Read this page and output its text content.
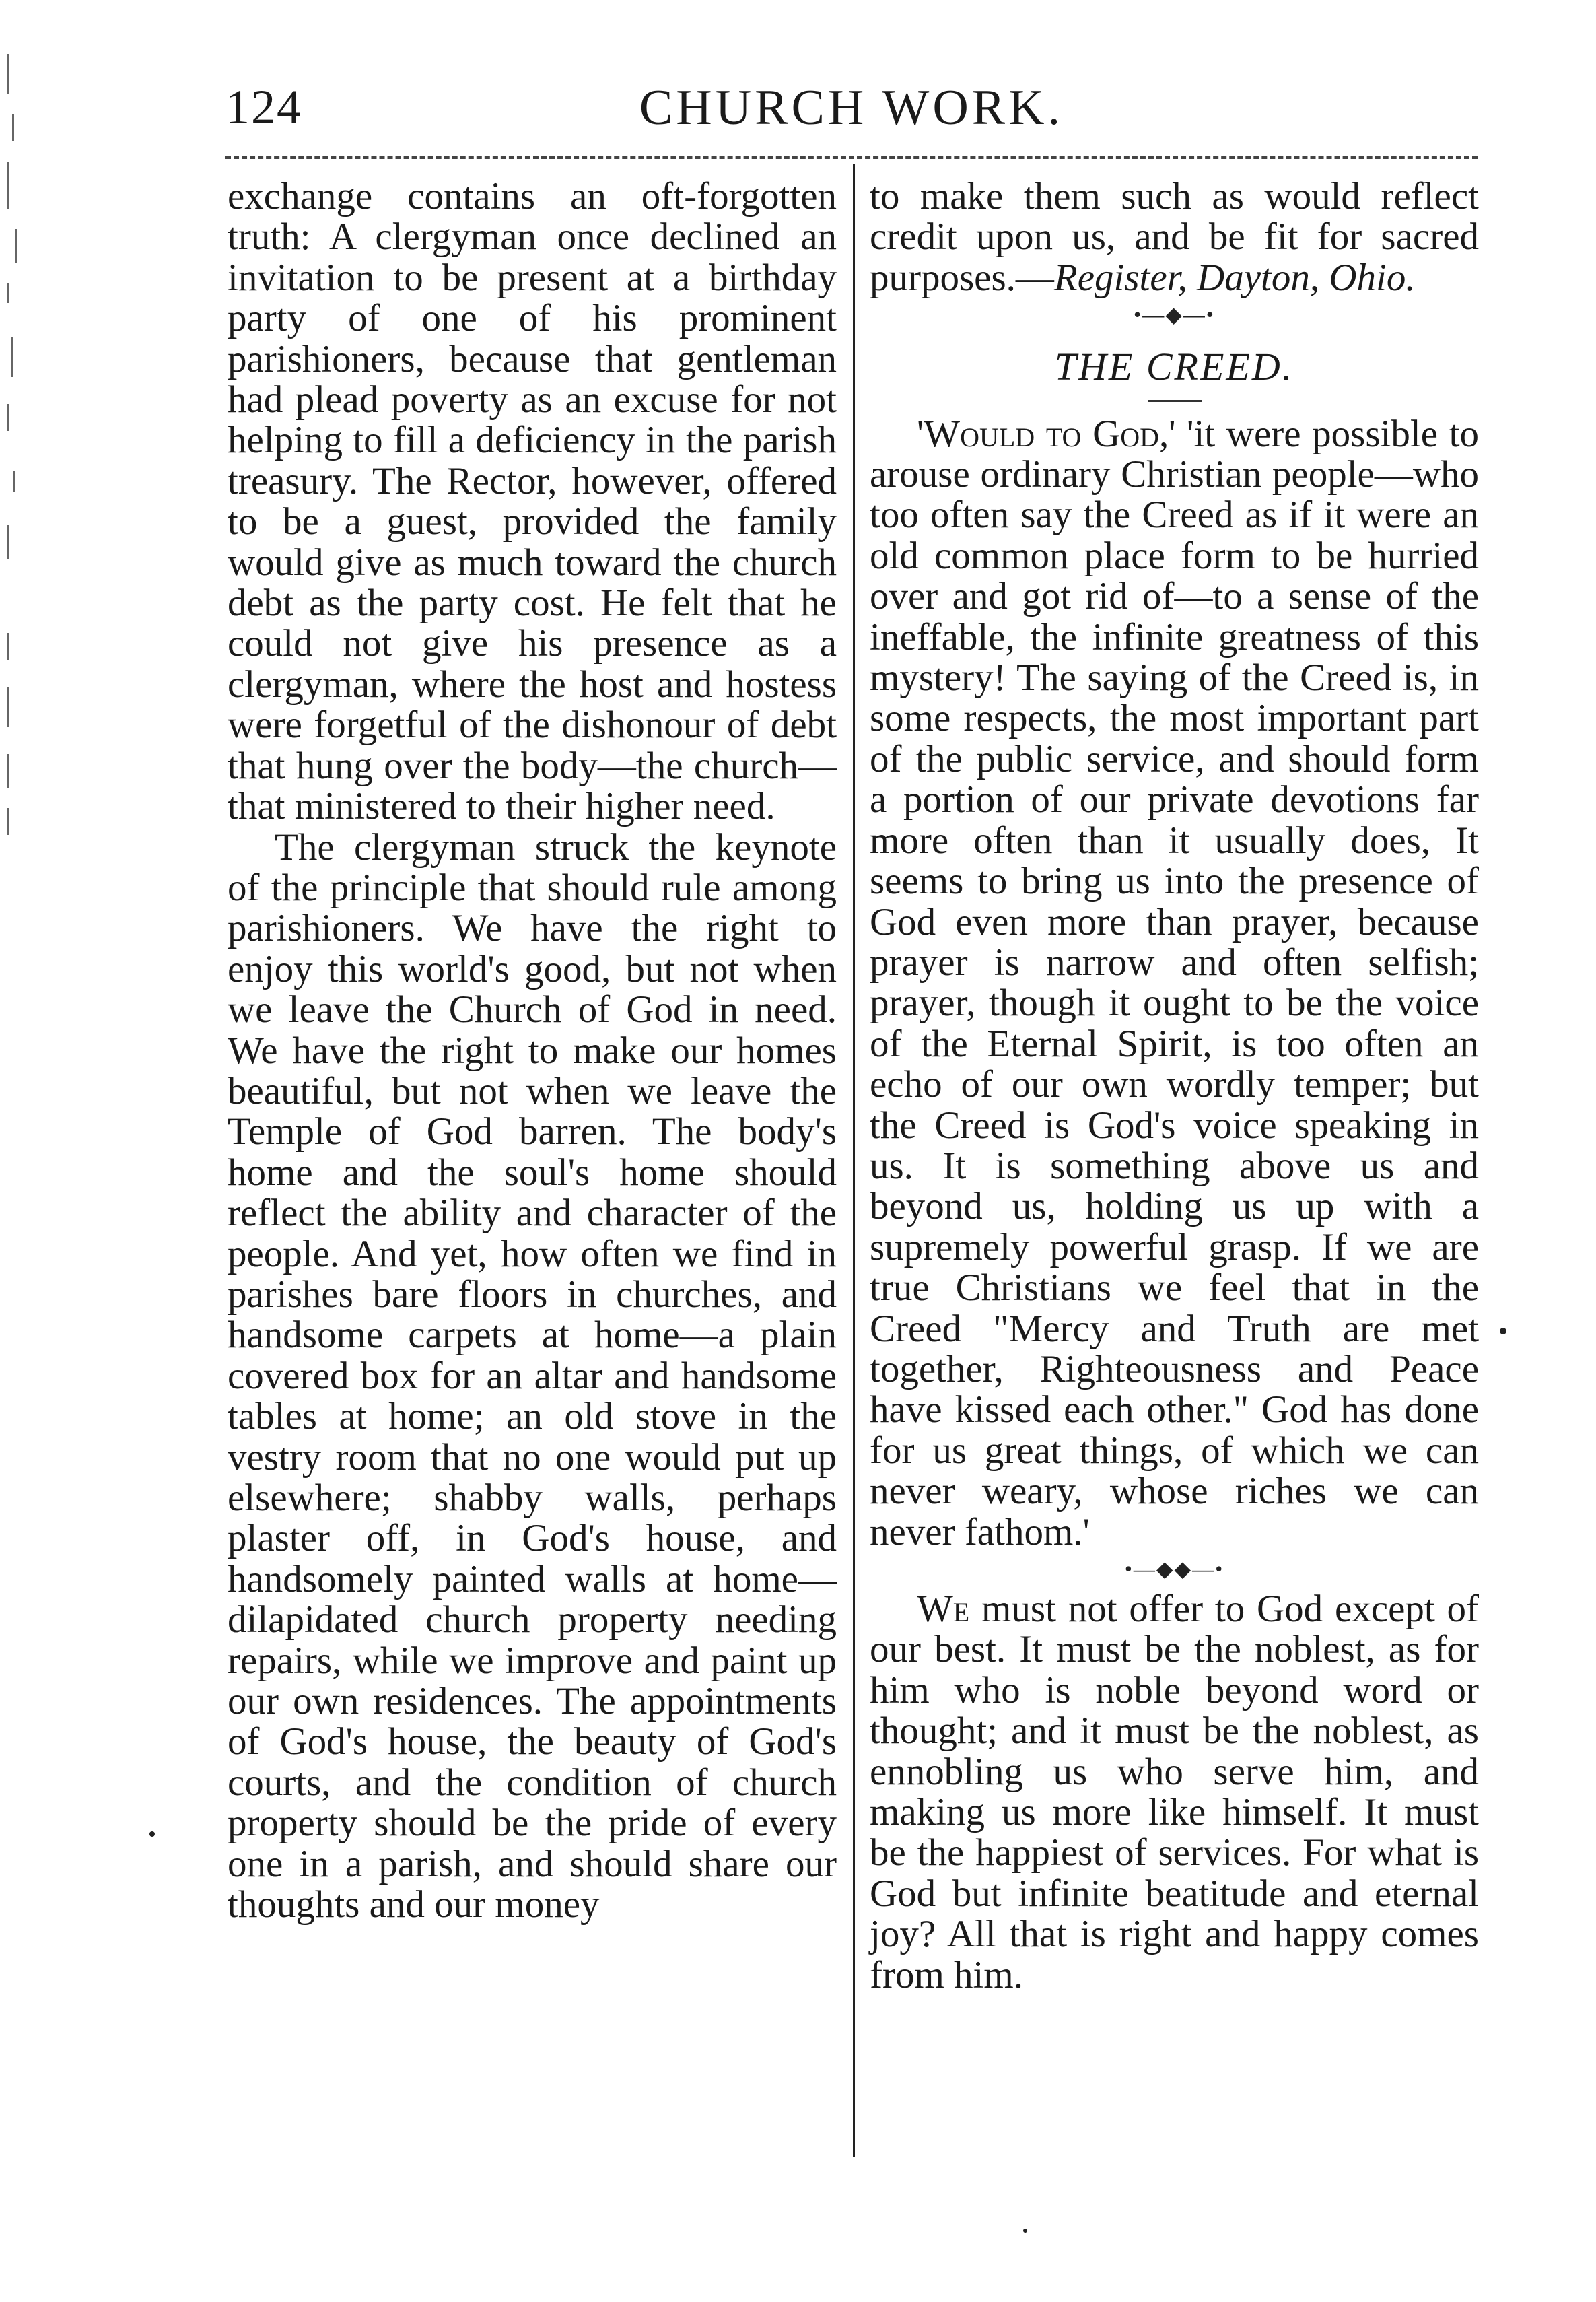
124	CHURCH WORK.

exchange contains an oft-forgotten truth: A clergyman once declined an invitation to be present at a birthday party of one of his prominent parishioners, because that gentleman had plead poverty as an excuse for not helping to fill a deficiency in the parish treasury. The Rector, however, offered to be a guest, provided the family would give as much toward the church debt as the party cost. He felt that he could not give his presence as a clergyman, where the host and hostess were forgetful of the dishonour of debt that hung over the body—the church—that ministered to their higher need.

The clergyman struck the keynote of the principle that should rule among parishioners. We have the right to enjoy this world's good, but not when we leave the Church of God in need. We have the right to make our homes beautiful, but not when we leave the Temple of God barren. The body's home and the soul's home should reflect the ability and character of the people. And yet, how often we find in parishes bare floors in churches, and handsome carpets at home—a plain covered box for an altar and handsome tables at home; an old stove in the vestry room that no one would put up elsewhere; shabby walls, perhaps plaster off, in God's house, and handsomely painted walls at home—dilapidated church property needing repairs, while we improve and paint up our own residences. The appointments of God's house, the beauty of God's courts, and the condition of church property should be the pride of every one in a parish, and should share our thoughts and our money

to make them such as would reflect credit upon us, and be fit for sacred purposes.—Register, Dayton, Ohio.

•—◆—•
THE CREED.

'Would to God,' 'it were possible to arouse ordinary Christian people—who too often say the Creed as if it were an old common place form to be hurried over and got rid of—to a sense of the ineffable, the infinite greatness of this mystery! The saying of the Creed is, in some respects, the most important part of the public service, and should form a portion of our private devotions far more often than it usually does, It seems to bring us into the presence of God even more than prayer, because prayer is narrow and often selfish; prayer, though it ought to be the voice of the Eternal Spirit, is too often an echo of our own wordly temper; but the Creed is God's voice speaking in us. It is something above us and beyond us, holding us up with a supremely powerful grasp. If we are true Christians we feel that in the Creed "Mercy and Truth are met together, Righteousness and Peace have kissed each other." God has done for us great things, of which we can never weary, whose riches we can never fathom.'

•—◆◆—•

We must not offer to God except of our best. It must be the noblest, as for him who is noble beyond word or thought; and it must be the noblest, as ennobling us who serve him, and making us more like himself. It must be the happiest of services. For what is God but infinite beatitude and eternal joy? All that is right and happy comes from him.
